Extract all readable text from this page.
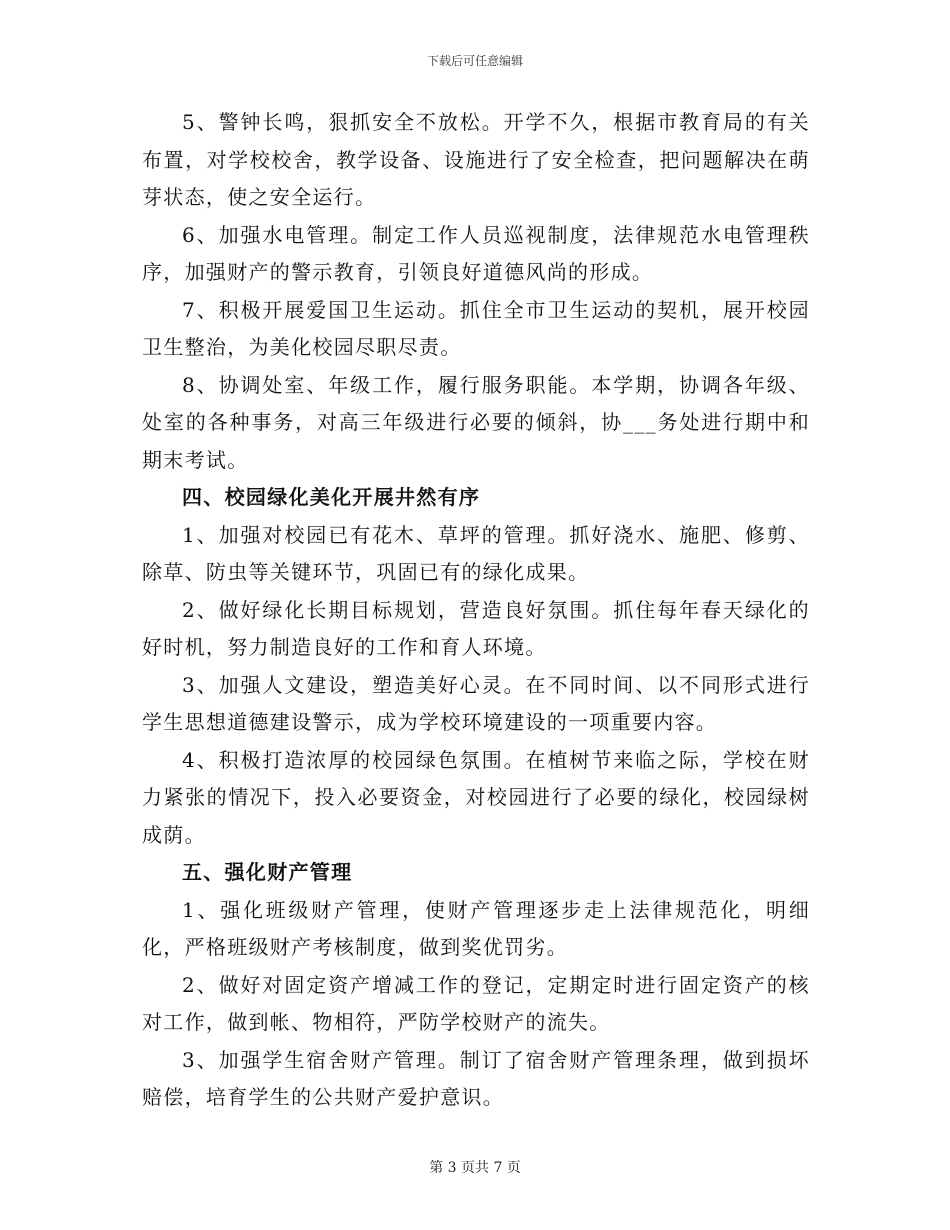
下载后可任意编辑

5、警钟长鸣，狠抓安全不放松。开学不久，根据市教育局的有关布置，对学校校舍，教学设备、设施进行了安全检查，把问题解决在萌芽状态，使之安全运行。

6、加强水电管理。制定工作人员巡视制度，法律规范水电管理秩序，加强财产的警示教育，引领良好道德风尚的形成。

7、积极开展爱国卫生运动。抓住全市卫生运动的契机，展开校园卫生整治，为美化校园尽职尽责。

8、协调处室、年级工作，履行服务职能。本学期，协调各年级、处室的各种事务，对高三年级进行必要的倾斜，协___务处进行期中和期末考试。

四、校园绿化美化开展井然有序

1、加强对校园已有花木、草坪的管理。抓好浇水、施肥、修剪、除草、防虫等关键环节，巩固已有的绿化成果。

2、做好绿化长期目标规划，营造良好氛围。抓住每年春天绿化的好时机，努力制造良好的工作和育人环境。

3、加强人文建设，塑造美好心灵。在不同时间、以不同形式进行学生思想道德建设警示，成为学校环境建设的一项重要内容。

4、积极打造浓厚的校园绿色氛围。在植树节来临之际，学校在财力紧张的情况下，投入必要资金，对校园进行了必要的绿化，校园绿树成荫。

五、强化财产管理

1、强化班级财产管理，使财产管理逐步走上法律规范化，明细化，严格班级财产考核制度，做到奖优罚劣。

2、做好对固定资产增减工作的登记，定期定时进行固定资产的核对工作，做到帐、物相符，严防学校财产的流失。

3、加强学生宿舍财产管理。制订了宿舍财产管理条理，做到损坏赔偿，培育学生的公共财产爱护意识。

第 3 页共 7 页
